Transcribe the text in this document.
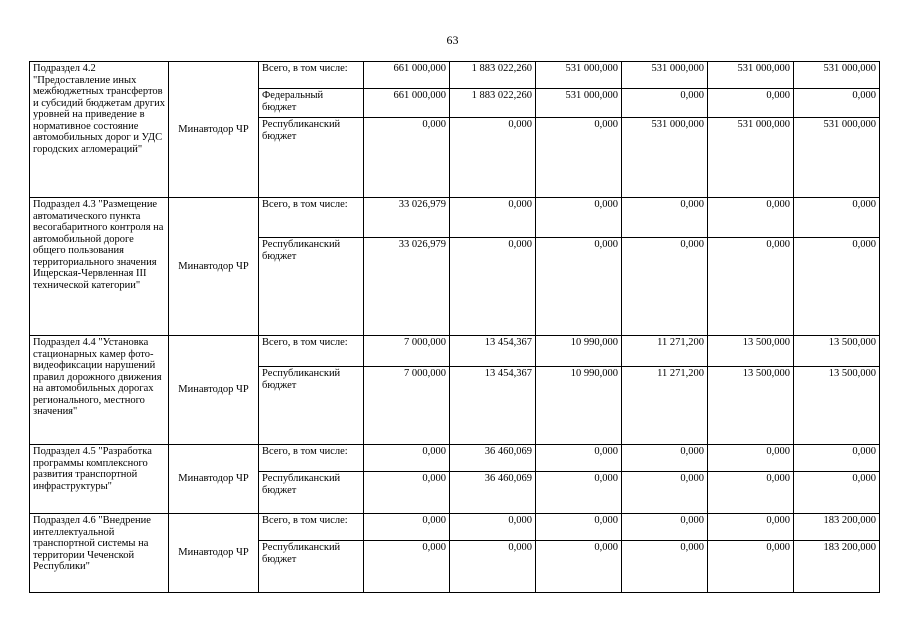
63
Подраздел 4.2 "Предоставление иных межбюджетных трансфертов и субсидий бюджетам других уровней на приведение в нормативное состояние автомобильных дорог и УДС городских агломераций"	Минавтодор ЧР	Всего, в том числе:	661 000,000	1 883 022,260	531 000,000	531 000,000	531 000,000	531 000,000
		Федеральный бюджет	661 000,000	1 883 022,260	531 000,000	0,000	0,000	0,000
		Республиканский бюджет	0,000	0,000	0,000	531 000,000	531 000,000	531 000,000
Подраздел 4.3 "Размещение автоматического пункта весогабаритного контроля на автомобильной дороге общего пользования территориального значения Ищерская-Червленная III технической категории"	Минавтодор ЧР	Всего, в том числе:	33 026,979	0,000	0,000	0,000	0,000	0,000
		Республиканский бюджет	33 026,979	0,000	0,000	0,000	0,000	0,000
Подраздел 4.4 "Установка стационарных камер фото-видеофиксации нарушений правил дорожного движения на автомобильных дорогах регионального, местного значения"	Минавтодор ЧР	Всего, в том числе:	7 000,000	13 454,367	10 990,000	11 271,200	13 500,000	13 500,000
		Республиканский бюджет	7 000,000	13 454,367	10 990,000	11 271,200	13 500,000	13 500,000
Подраздел 4.5 "Разработка программы комплексного развития транспортной инфраструктуры"	Минавтодор ЧР	Всего, в том числе:	0,000	36 460,069	0,000	0,000	0,000	0,000
		Республиканский бюджет	0,000	36 460,069	0,000	0,000	0,000	0,000
Подраздел 4.6 "Внедрение интеллектуальной транспортной системы на территории Чеченской Республики"	Минавтодор ЧР	Всего, в том числе:	0,000	0,000	0,000	0,000	0,000	183 200,000
		Республиканский бюджет	0,000	0,000	0,000	0,000	0,000	183 200,000
